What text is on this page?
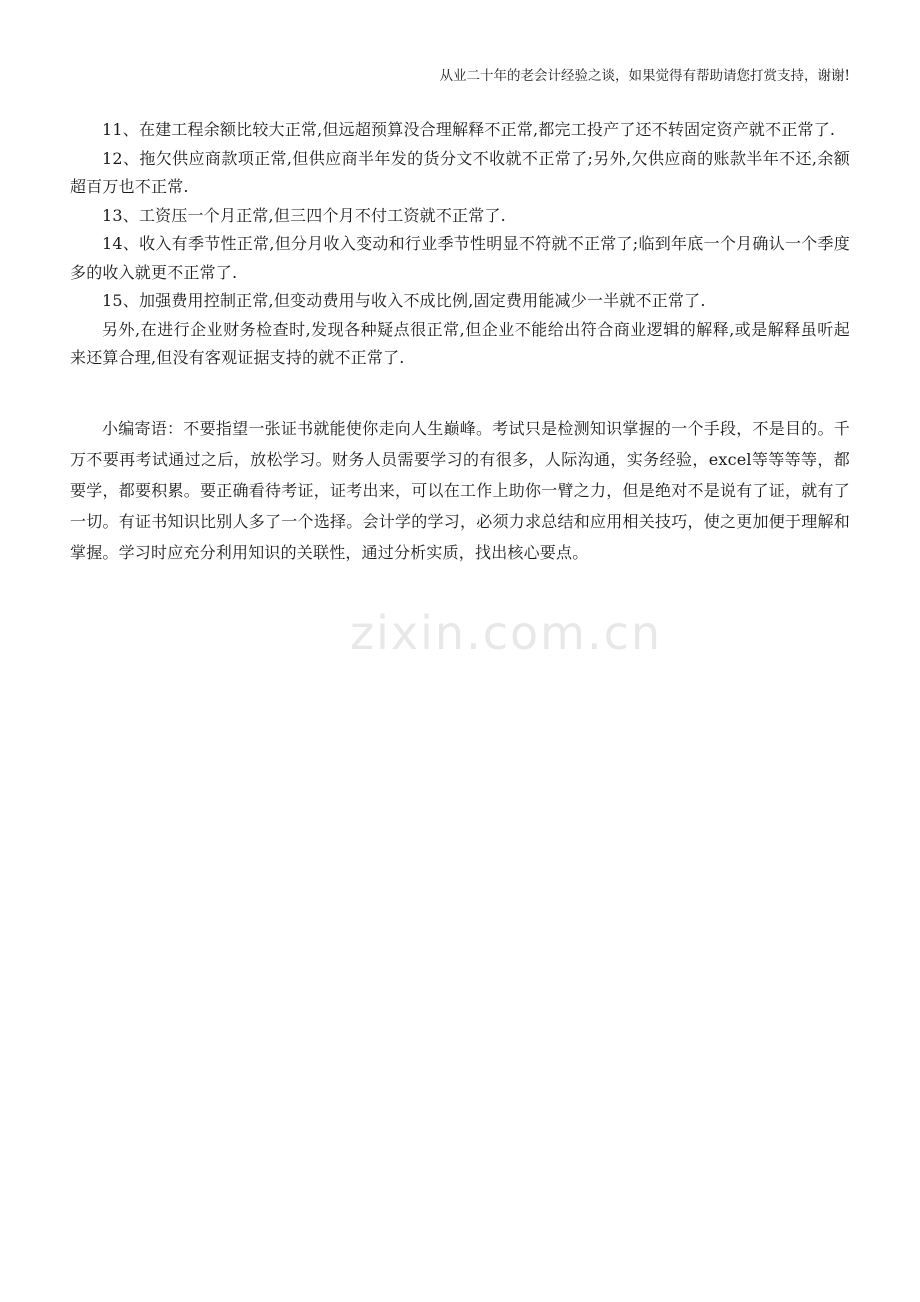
从业二十年的老会计经验之谈，如果觉得有帮助请您打赏支持，谢谢!

11、在建工程余额比较大正常,但远超预算没合理解释不正常,都完工投产了还不转固定资产就不正常了.

12、拖欠供应商款项正常,但供应商半年发的货分文不收就不正常了;另外,欠供应商的账款半年不还,余额超百万也不正常.

13、工资压一个月正常,但三四个月不付工资就不正常了.

14、收入有季节性正常,但分月收入变动和行业季节性明显不符就不正常了;临到年底一个月确认一个季度多的收入就更不正常了.

15、加强费用控制正常,但变动费用与收入不成比例,固定费用能减少一半就不正常了.

另外,在进行企业财务检查时,发现各种疑点很正常,但企业不能给出符合商业逻辑的解释,或是解释虽听起来还算合理,但没有客观证据支持的就不正常了.

小编寄语：不要指望一张证书就能使你走向人生巅峰。考试只是检测知识掌握的一个手段，不是目的。千万不要再考试通过之后，放松学习。财务人员需要学习的有很多，人际沟通，实务经验，excel等等等等，都要学，都要积累。要正确看待考证，证考出来，可以在工作上助你一臂之力，但是绝对不是说有了证，就有了一切。有证书知识比别人多了一个选择。会计学的学习，必须力求总结和应用相关技巧，使之更加便于理解和掌握。学习时应充分利用知识的关联性，通过分析实质，找出核心要点。

zixin.com.cn
